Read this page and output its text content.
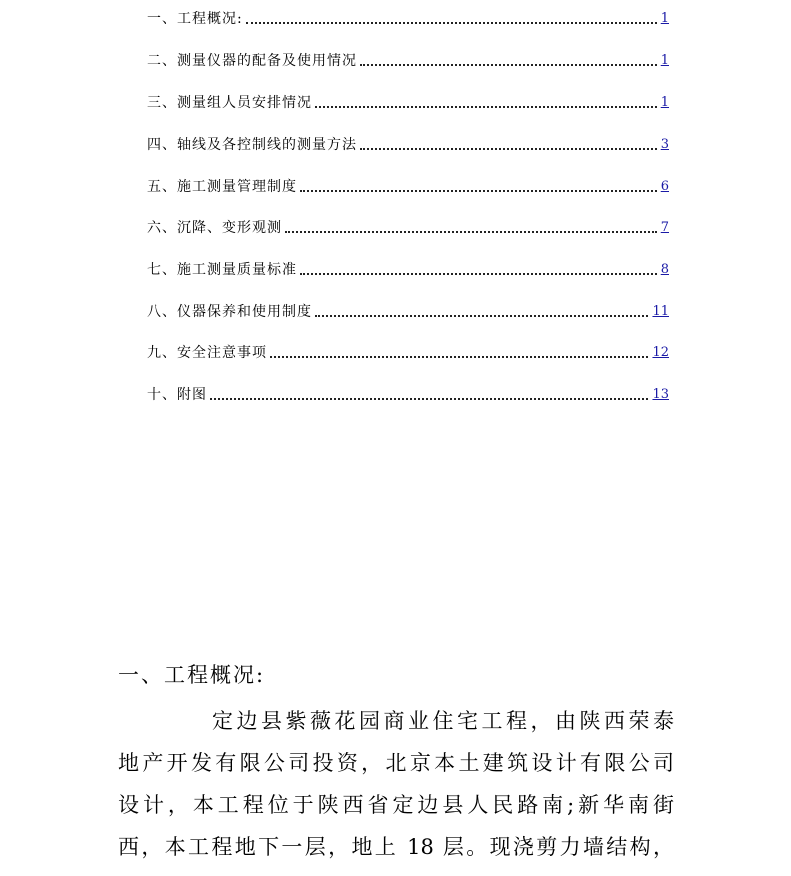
一、 工程概况:	1
二、 测量仪器的配备及使用情况	1
三、 测量组人员安排情况	1
四、 轴线及各控制线的测量方法	3
五、 施工测量管理制度	6
六、 沉降、变形观测	7
七、 施工测量质量标准	8
八、 仪器保养和使用制度	11
九、 安全注意事项	12
十、 附图	13
一、工程概况:
定边县紫薇花园商业住宅工程，由陕西荣泰
地产开发有限公司投资，北京本土建筑设计有限公司
设计，本工程位于陕西省定边县人民路南;新华南街
西，本工程地下一层，地上 18 层。现浇剪力墙结构，
